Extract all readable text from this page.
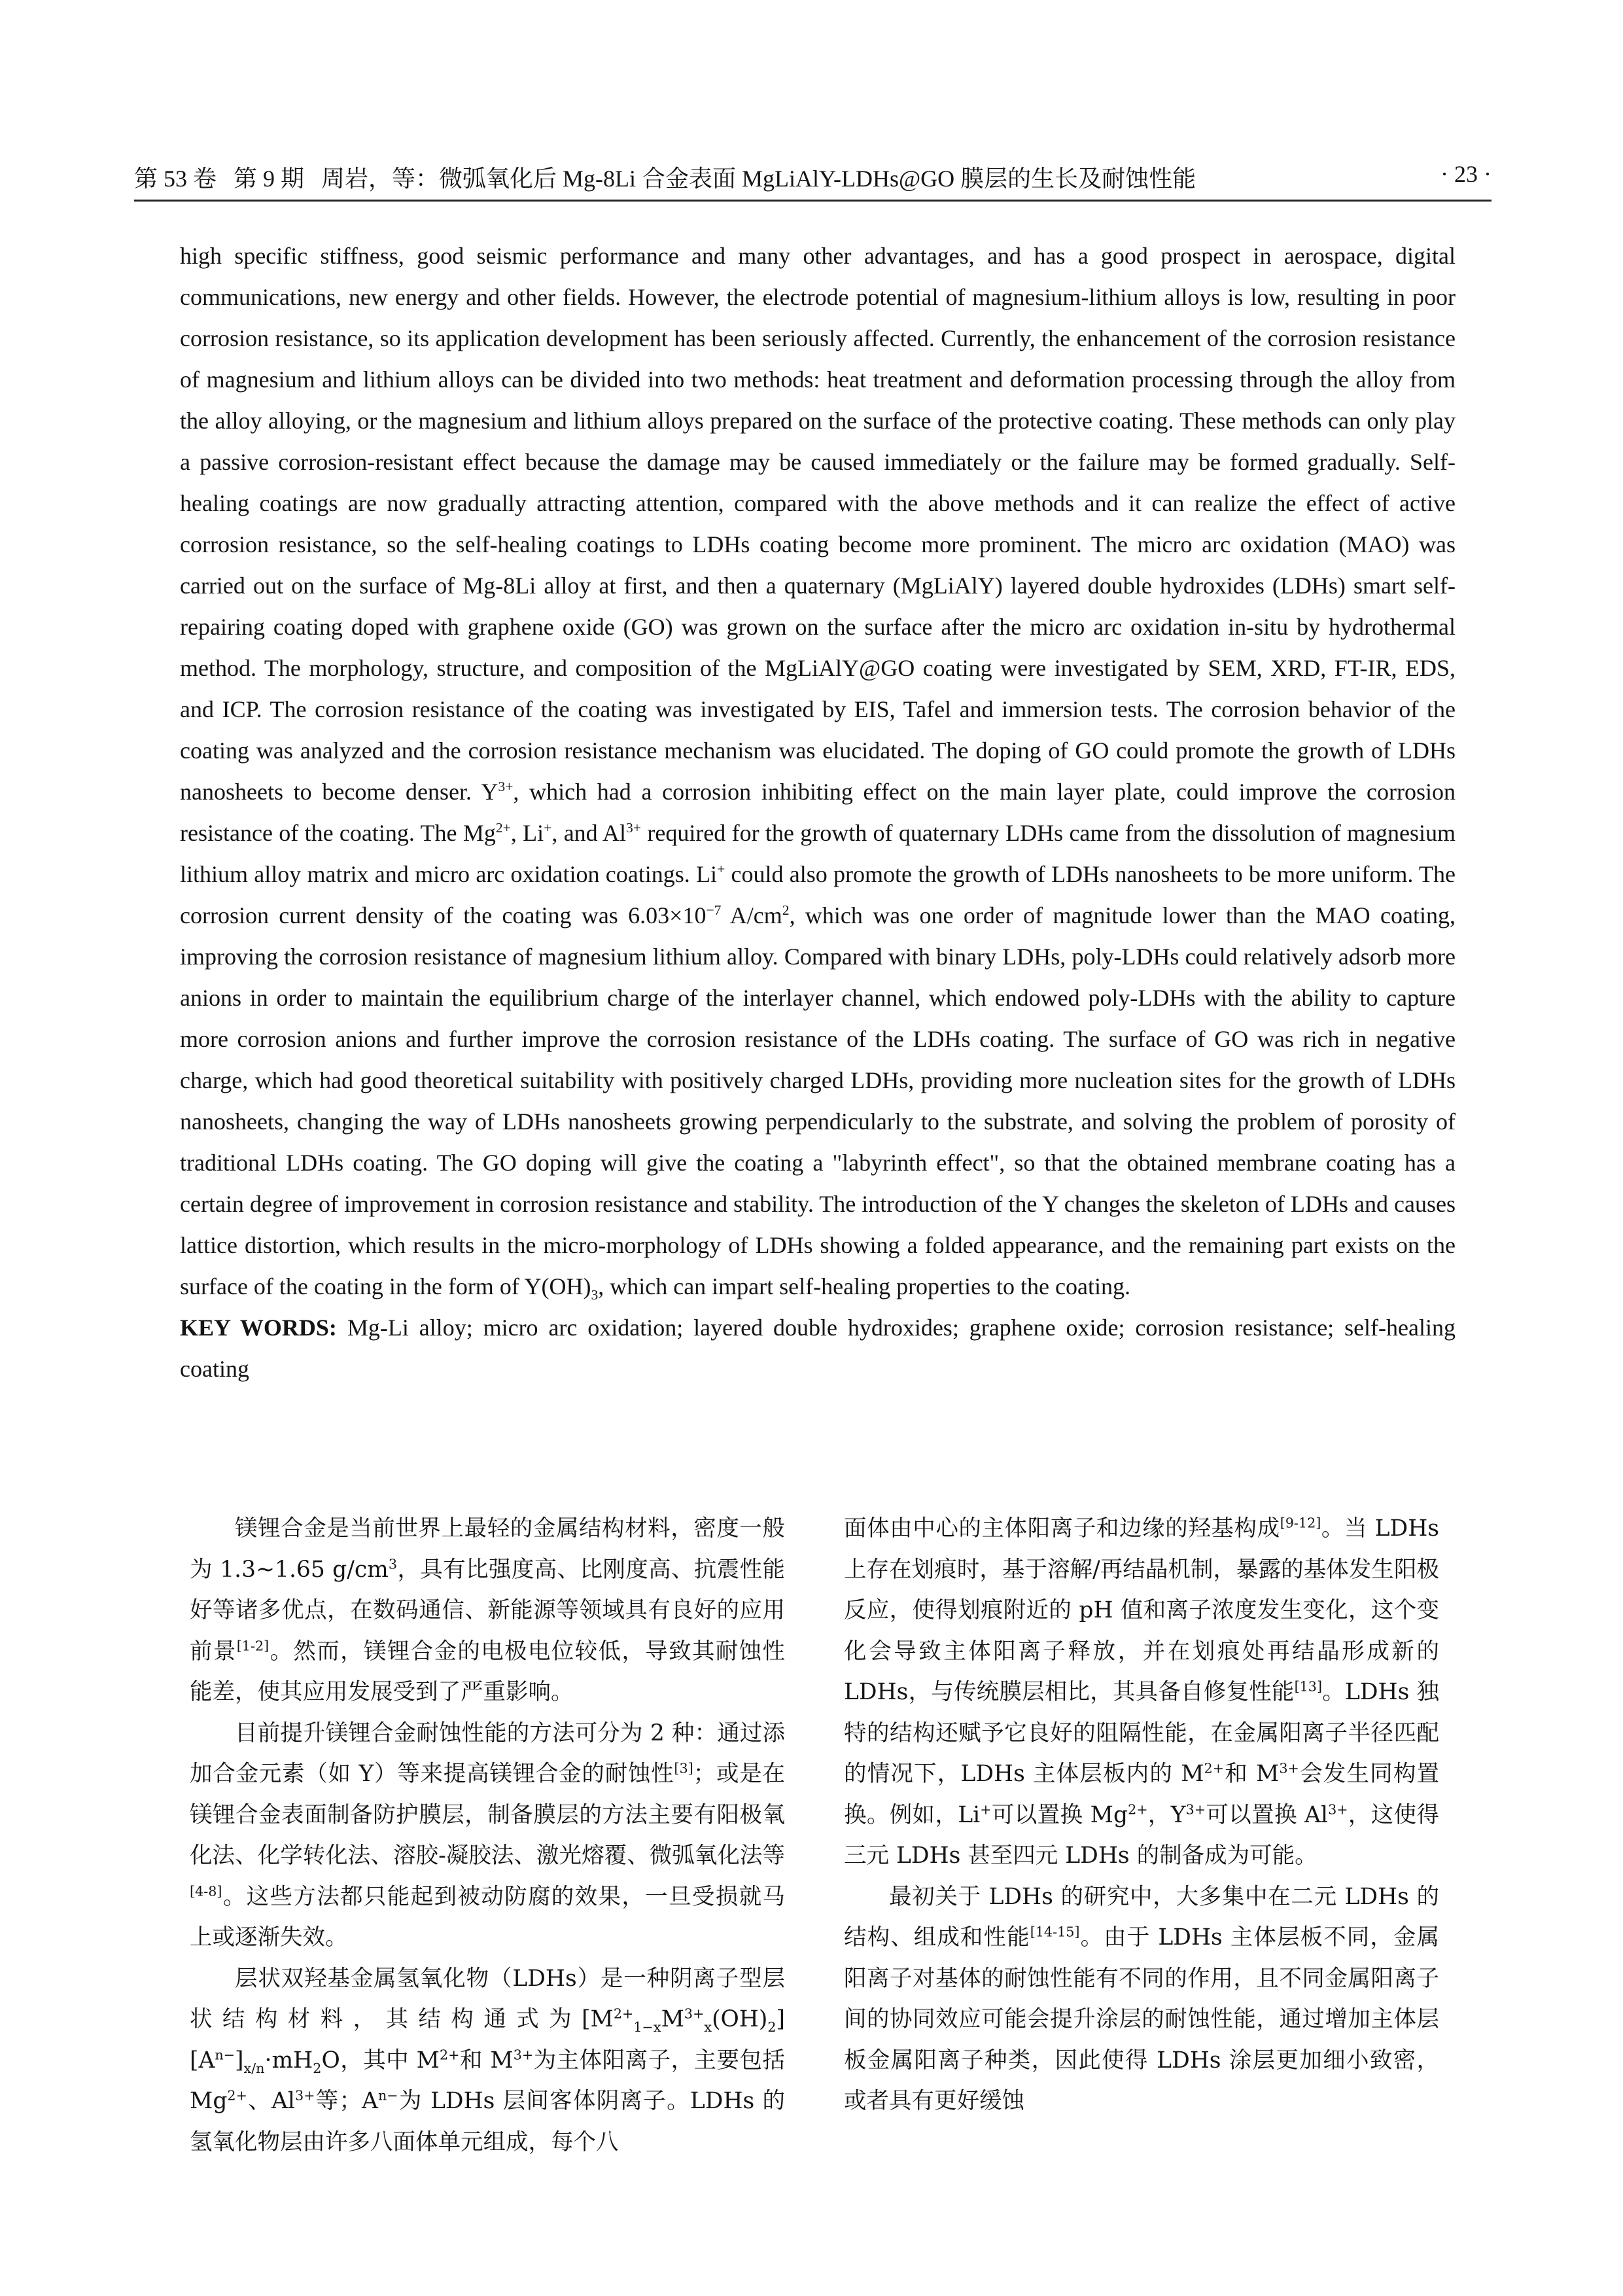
第 53 卷 第 9 期 周岩，等：微弧氧化后 Mg-8Li 合金表面 MgLiAlY-LDHs@GO 膜层的生长及耐蚀性能	· 23 ·

high specific stiffness, good seismic performance and many other advantages, and has a good prospect in aerospace, digital communications, new energy and other fields. However, the electrode potential of magnesium-lithium alloys is low, resulting in poor corrosion resistance, so its application development has been seriously affected. Currently, the enhancement of the corrosion resistance of magnesium and lithium alloys can be divided into two methods: heat treatment and deformation processing through the alloy from the alloy alloying, or the magnesium and lithium alloys prepared on the surface of the protective coating. These methods can only play a passive corrosion-resistant effect because the damage may be caused immediately or the failure may be formed gradually. Self-healing coatings are now gradually attracting attention, compared with the above methods and it can realize the effect of active corrosion resistance, so the self-healing coatings to LDHs coating become more prominent. The micro arc oxidation (MAO) was carried out on the surface of Mg-8Li alloy at first, and then a quaternary (MgLiAlY) layered double hydroxides (LDHs) smart self-repairing coating doped with graphene oxide (GO) was grown on the surface after the micro arc oxidation in-situ by hydrothermal method. The morphology, structure, and composition of the MgLiAlY@GO coating were investigated by SEM, XRD, FT-IR, EDS, and ICP. The corrosion resistance of the coating was investigated by EIS, Tafel and immersion tests. The corrosion behavior of the coating was analyzed and the corrosion resistance mechanism was elucidated. The doping of GO could promote the growth of LDHs nanosheets to become denser. $Y^{3+}$, which had a corrosion inhibiting effect on the main layer plate, could improve the corrosion resistance of the coating. The $Mg^{2+}$, Li+, and $Al^{3+}$ required for the growth of quaternary LDHs came from the dissolution of magnesium lithium alloy matrix and micro arc oxidation coatings. Li+ could also promote the growth of LDHs nanosheets to be more uniform. The corrosion current density of the coating was $6.03\times 10^{-7}$ $A/cm^2$, which was one order of magnitude lower than the MAO coating, improving the corrosion resistance of magnesium lithium alloy. Compared with binary LDHs, poly-LDHs could relatively adsorb more anions in order to maintain the equilibrium charge of the interlayer channel, which endowed poly-LDHs with the ability to capture more corrosion anions and further improve the corrosion resistance of the LDHs coating. The surface of GO was rich in negative charge, which had good theoretical suitability with positively charged LDHs, providing more nucleation sites for the growth of LDHs nanosheets, changing the way of LDHs nanosheets growing perpendicularly to the substrate, and solving the problem of porosity of traditional LDHs coating. The GO doping will give the coating a "labyrinth effect", so that the obtained membrane coating has a certain degree of improvement in corrosion resistance and stability. The introduction of the Y changes the skeleton of LDHs and causes lattice distortion, which results in the micro-morphology of LDHs showing a folded appearance, and the remaining part exists on the surface of the coating in the form of $Y(OH)_3$, which can impart self-healing properties to the coating.

KEY WORDS: Mg-Li alloy; micro arc oxidation; layered double hydroxides; graphene oxide; corrosion resistance; self-healing coating

镁锂合金是当前世界上最轻的金属结构材料，密度一般为 1.3~1.65 $g/cm^3$，具有比强度高、比刚度高、抗震性能好等诸多优点，在数码通信、新能源等领域具有良好的应用前景[1-2]。然而，镁锂合金的电极电位较低，导致其耐蚀性能差，使其应用发展受到了严重影响。

目前提升镁锂合金耐蚀性能的方法可分为 2 种：通过添加合金元素（如 Y）等来提高镁锂合金的耐蚀性[3]；或是在镁锂合金表面制备防护膜层，制备膜层的方法主要有阳极氧化法、化学转化法、溶胶-凝胶法、激光熔覆、微弧氧化法等[4-8]。这些方法都只能起到被动防腐的效果，一旦受损就马上或逐渐失效。

层状双羟基金属氢氧化物（LDHs）是一种阴离子型层状结构材料，其结构通式为$[M^{2+}_{1-x}M^{3+}_x(OH)_2][A^{n-}]_{x/n}\cdot mH_2O$，其中 $M^{2+}$和 $M^{3+}$为主体阳离子，主要包括 $Mg^{2+}$、$Al^{3+}$等；$A^{n-}$为 LDHs 层间客体阴离子。LDHs 的氢氧化物层由许多八面体单元组成，每个八

面体由中心的主体阳离子和边缘的羟基构成[9-12]。当 LDHs 上存在划痕时，基于溶解/再结晶机制，暴露的基体发生阳极反应，使得划痕附近的 pH 值和离子浓度发生变化，这个变化会导致主体阳离子释放，并在划痕处再结晶形成新的 LDHs，与传统膜层相比，其具备自修复性能[13]。LDHs 独特的结构还赋予它良好的阻隔性能，在金属阳离子半径匹配的情况下，LDHs 主体层板内的 $M^{2+}$和 $M^{3+}$会发生同构置换。例如，Li+可以置换 $Mg^{2+}$，$Y^{3+}$可以置换 $Al^{3+}$，这使得三元 LDHs 甚至四元 LDHs 的制备成为可能。

最初关于 LDHs 的研究中，大多集中在二元 LDHs 的结构、组成和性能[14-15]。由于 LDHs 主体层板不同，金属阳离子对基体的耐蚀性能有不同的作用，且不同金属阳离子间的协同效应可能会提升涂层的耐蚀性能，通过增加主体层板金属阳离子种类，因此使得 LDHs 涂层更加细小致密，或者具有更好缓蚀
